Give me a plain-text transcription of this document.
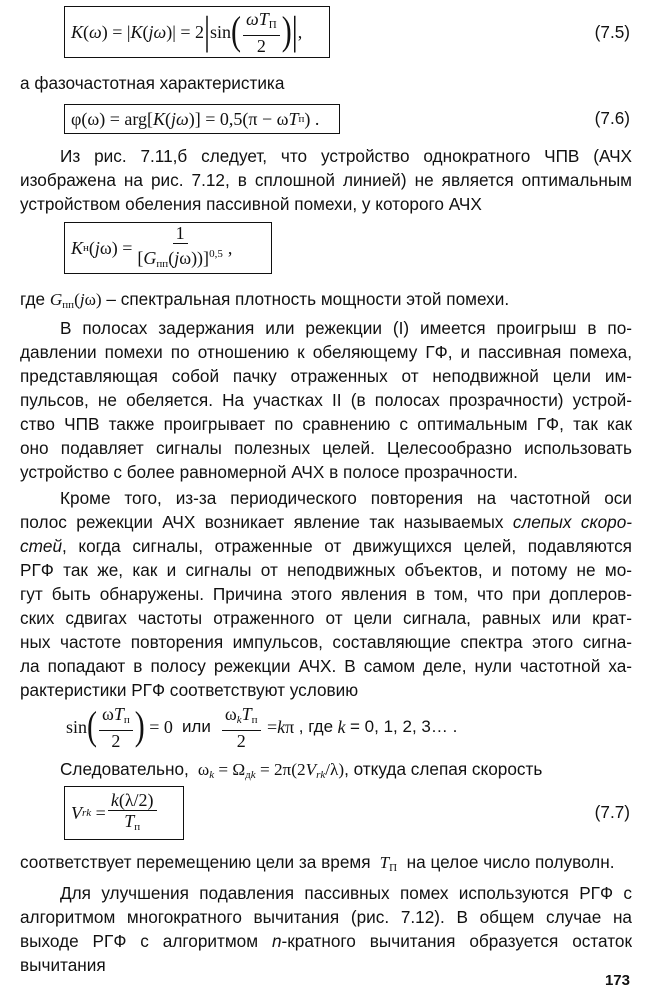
K ( ω ) = | K ( jω )| = 2 | sin ( $\frac{\omega T_П}{2}$ ) | ,	(7.5)
а фазочастотная характеристика
φ(ω) = arg[ K ( jω )] = 0,5(π − ω T п ) .	(7.6)
Из рис. 7.11,б следует, что устройство однократного ЧПВ (АЧХ
изображена на рис. 7.12, в сплошной линией) не является оптимальным
устройством обеления пассивной помехи, у которого АЧХ
K н ( j $\omega) = \frac{1}{[G_{пп}(j\omega))]^{0,5}}$ ,
где $G_{пп}(j\omega)$ – спектральная плотность мощности этой помехи.
В полосах задержания или режекции (I) имеется проигрыш в по-
давлении помехи по отношению к обеляющему ГФ, и пассивная помеха,
представляющая собой пачку отраженных от неподвижной цели им-
пульсов, не обеляется. На участках II (в полосах прозрачности) устрой-
ство ЧПВ также проигрывает по сравнению с оптимальным ГФ, так как
оно подавляет сигналы полезных целей. Целесообразно использовать
устройство с более равномерной АЧХ в полосе прозрачности.
Кроме того, из-за периодического повторения на частотной оси
полос режекции АЧХ возникает явление так называемых слепых скоро-
стей, когда сигналы, отраженные от движущихся целей, подавляются
РГФ так же, как и сигналы от неподвижных объектов, и потому не мо-
гут быть обнаружены. Причина этого явления в том, что при доплеров-
ских сдвигах частоты отраженного от цели сигнала, равных или крат-
ных частоте повторения импульсов, составляющие спектра этого сигна-
ла попадают в полосу режекции АЧХ. В самом деле, нули частотной ха-
рактеристики РГФ соответствуют условию
sin ( $\frac{\omega T_п}{2}$ ) = 0 или
$\frac{\omega_kT_п}{2} = k$ π , где
k
= 0, 1, 2, 3… .
Следовательно,  $\omega_k = \Omega_{дk} = 2\pi(2V_{rk}/\lambda)$, откуда слепая скорость
V rk = $\frac{k(\lambda/2)}{T_п}$	(7.7)
соответствует перемещению цели за время  TП на целое число полуволн.
Для улучшения подавления пассивных помех используются РГФ с
алгоритмом многократного вычитания (рис. 7.12). В общем случае на
выходе РГФ с алгоритмом n-кратного вычитания образуется остаток
вычитания
173
